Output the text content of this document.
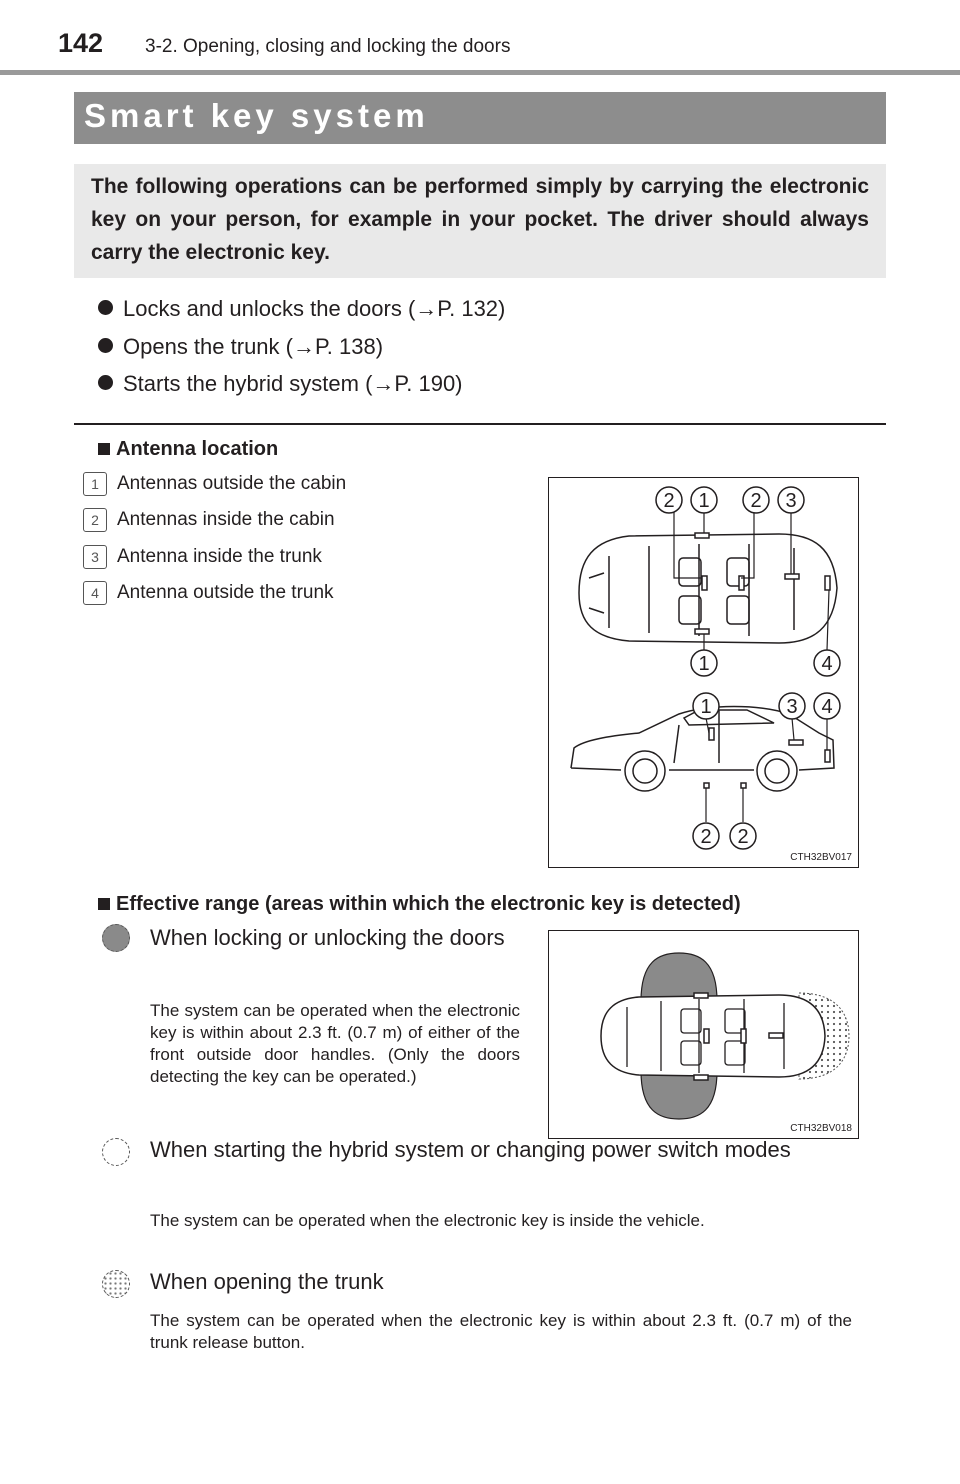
142 3-2. Opening, closing and locking the doors
Smart key system
The following operations can be performed simply by carrying the electronic key on your person, for example in your pocket. The driver should always carry the electronic key.
Locks and unlocks the doors (→P. 132)
Opens the trunk (→P. 138)
Starts the hybrid system (→P. 190)
Antenna location
1 Antennas outside the cabin
2 Antennas inside the cabin
3 Antenna inside the trunk
4 Antenna outside the trunk
2 1 2 3
1	4
1	3 4
2 2
CTH32BV017
Effective range (areas within which the electronic key is detected)
CTH32BV018
When locking or unlocking the doors
The system can be operated when the electronic key is within about 2.3 ft. (0.7 m) of either of the front outside door handles. (Only the doors detecting the key can be operated.)
When starting the hybrid system or changing power switch modes
The system can be operated when the electronic key is inside the vehicle.
When opening the trunk
The system can be operated when the electronic key is within about 2.3 ft. (0.7 m) of the trunk release button.
